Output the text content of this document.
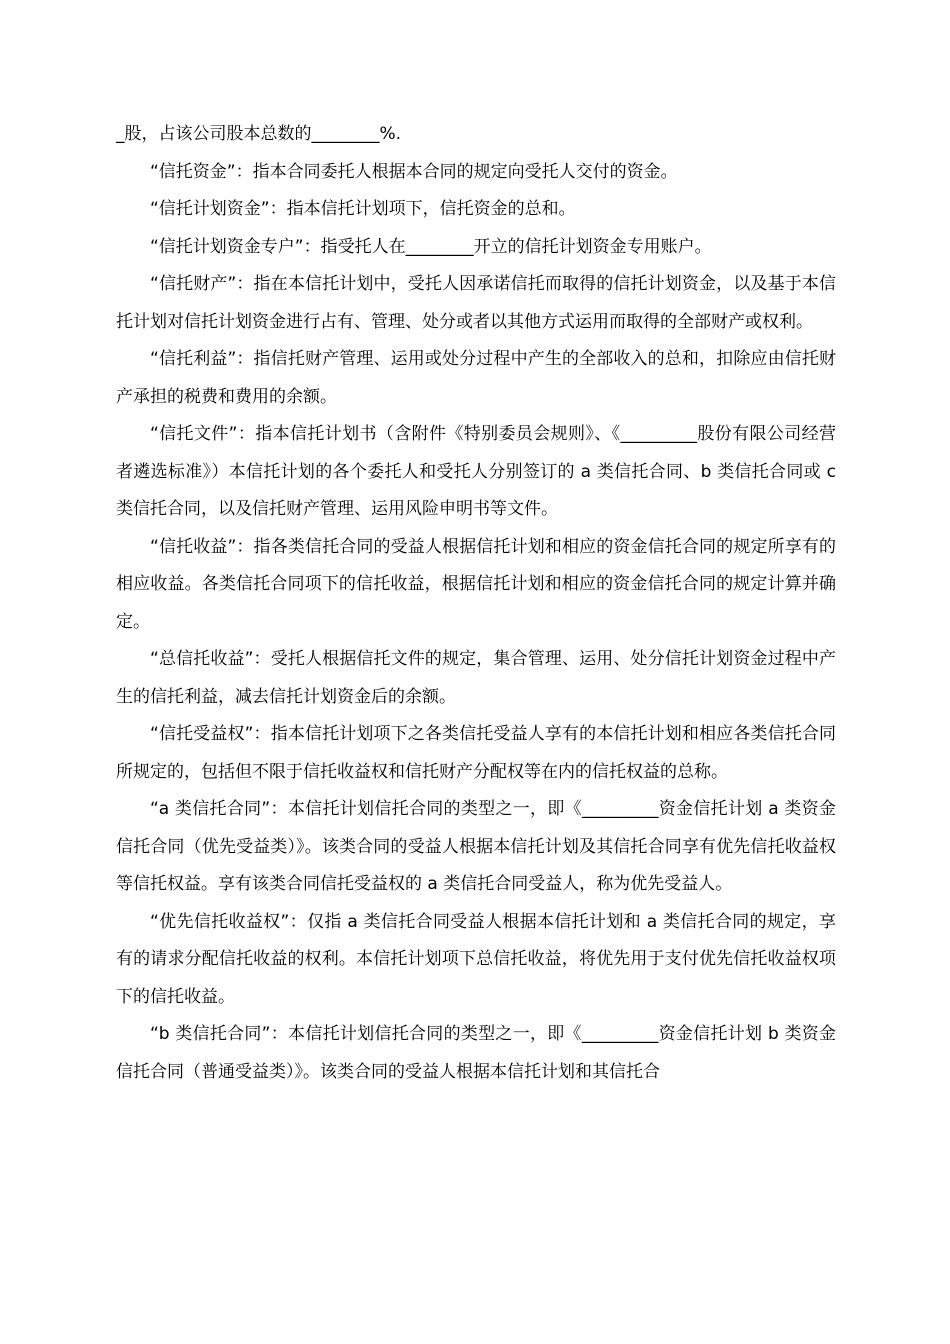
_股，占该公司股本总数的________%.

“信托资金”：指本合同委托人根据本合同的规定向受托人交付的资金。

“信托计划资金”：指本信托计划项下，信托资金的总和。

“信托计划资金专户”：指受托人在________开立的信托计划资金专用账户。

“信托财产”：指在本信托计划中，受托人因承诺信托而取得的信托计划资金，以及基于本信托计划对信托计划资金进行占有、管理、处分或者以其他方式运用而取得的全部财产或权利。

“信托利益”：指信托财产管理、运用或处分过程中产生的全部收入的总和，扣除应由信托财产承担的税费和费用的余额。

“信托文件”：指本信托计划书（含附件《特别委员会规则》、《_________股份有限公司经营者遴选标准》）本信托计划的各个委托人和受托人分别签订的 a 类信托合同、b 类信托合同或 c 类信托合同，以及信托财产管理、运用风险申明书等文件。

“信托收益”：指各类信托合同的受益人根据信托计划和相应的资金信托合同的规定所享有的相应收益。各类信托合同项下的信托收益，根据信托计划和相应的资金信托合同的规定计算并确定。

“总信托收益”：受托人根据信托文件的规定，集合管理、运用、处分信托计划资金过程中产生的信托利益，减去信托计划资金后的余额。

“信托受益权”：指本信托计划项下之各类信托受益人享有的本信托计划和相应各类信托合同所规定的，包括但不限于信托收益权和信托财产分配权等在内的信托权益的总称。

“a 类信托合同”：本信托计划信托合同的类型之一，即《_________资金信托计划 a 类资金信托合同（优先受益类）》。该类合同的受益人根据本信托计划及其信托合同享有优先信托收益权等信托权益。享有该类合同信托受益权的 a 类信托合同受益人，称为优先受益人。

“优先信托收益权”：仅指 a 类信托合同受益人根据本信托计划和 a 类信托合同的规定，享有的请求分配信托收益的权利。本信托计划项下总信托收益，将优先用于支付优先信托收益权项下的信托收益。

“b 类信托合同”：本信托计划信托合同的类型之一，即《_________资金信托计划 b 类资金信托合同（普通受益类）》。该类合同的受益人根据本信托计划和其信托合
